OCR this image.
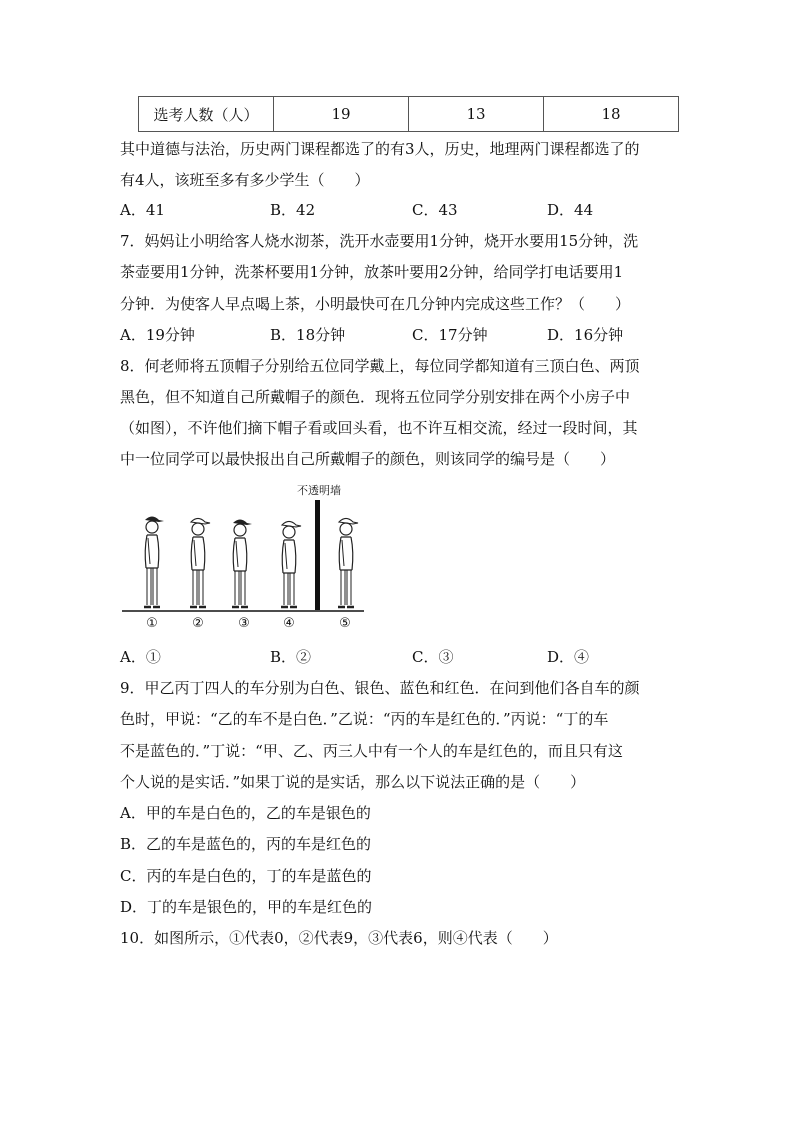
选考人数（人）	19	13	18
其中道德与法治，历史两门课程都选了的有3人，历史，地理两门课程都选了的
有4人，该班至多有多少学生（　　）
A．41	B．42	C．43	D．44
7．妈妈让小明给客人烧水沏茶，洗开水壶要用1分钟，烧开水要用15分钟，洗
茶壶要用1分钟，洗茶杯要用1分钟，放茶叶要用2分钟，给同学打电话要用1
分钟．为使客人早点喝上茶，小明最快可在几分钟内完成这些工作？（　　）
A．19分钟	B．18分钟	C．17分钟	D．16分钟
8．何老师将五顶帽子分别给五位同学戴上，每位同学都知道有三顶白色、两顶
黑色，但不知道自己所戴帽子的颜色．现将五位同学分别安排在两个小房子中
（如图），不许他们摘下帽子看或回头看，也不许互相交流，经过一段时间，其
中一位同学可以最快报出自己所戴帽子的颜色，则该同学的编号是（　　）
不透明墙
①	②	③	④	⑤
A．①	B．②	C．③	D．④
9．甲乙丙丁四人的车分别为白色、银色、蓝色和红色．在问到他们各自车的颜
色时，甲说：“乙的车不是白色．”乙说：“丙的车是红色的．”丙说：“丁的车
不是蓝色的．”丁说：“甲、乙、丙三人中有一个人的车是红色的，而且只有这
个人说的是实话．”如果丁说的是实话，那么以下说法正确的是（　　）
A．甲的车是白色的，乙的车是银色的
B．乙的车是蓝色的，丙的车是红色的
C．丙的车是白色的，丁的车是蓝色的
D．丁的车是银色的，甲的车是红色的
10．如图所示，①代表0，②代表9，③代表6，则④代表（　　）
